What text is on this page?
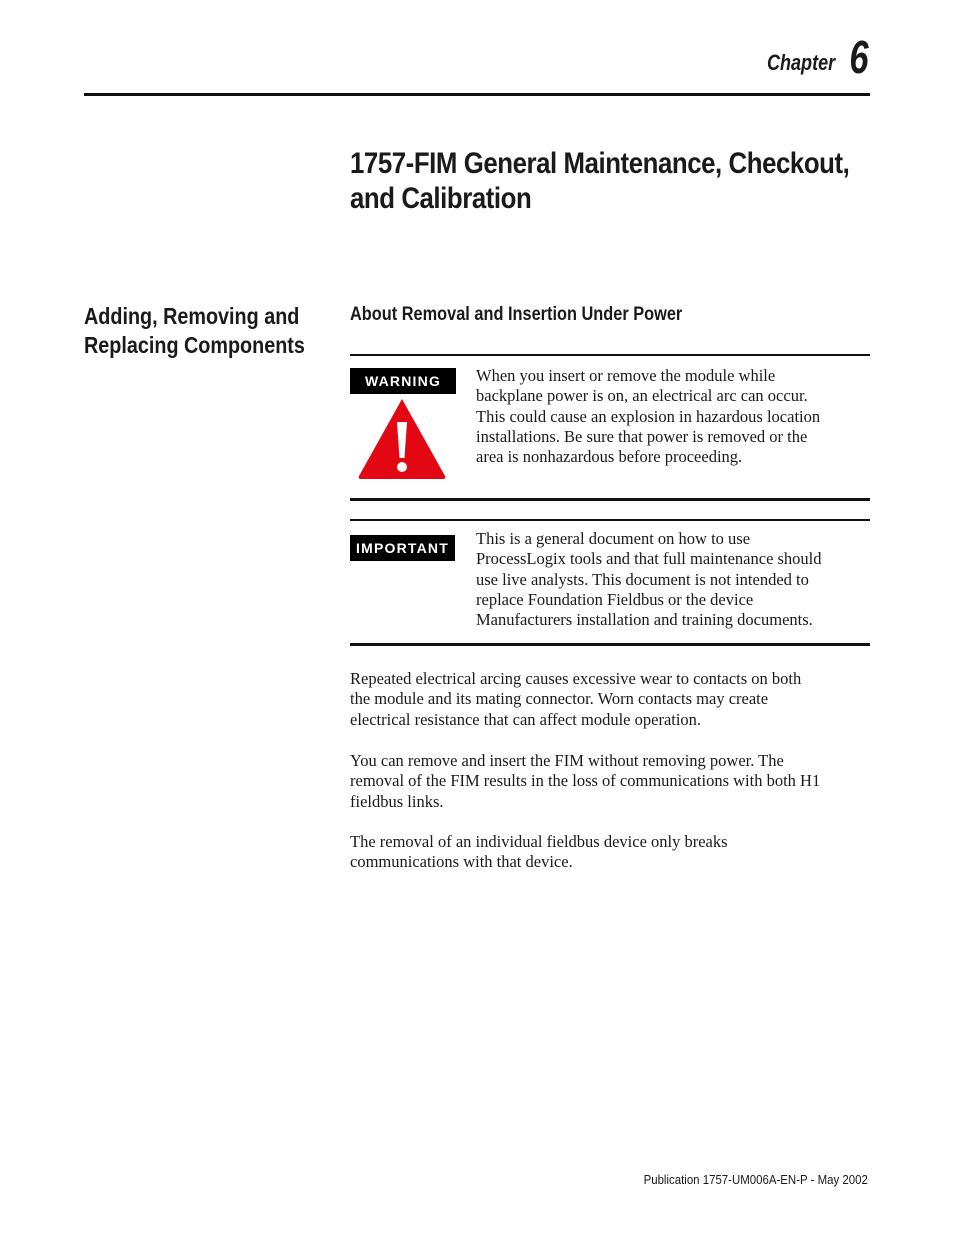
Chapter 6
1757-FIM General Maintenance, Checkout,
and Calibration
Adding, Removing and
Replacing Components
About Removal and Insertion Under Power
WARNING	When you insert or remove the module while
backplane power is on, an electrical arc can occur.
This could cause an explosion in hazardous location
installations. Be sure that power is removed or the
area is nonhazardous before proceeding.
IMPORTANT	This is a general document on how to use
ProcessLogix tools and that full maintenance should
use live analysts. This document is not intended to
replace Foundation Fieldbus or the device
Manufacturers installation and training documents.
Repeated electrical arcing causes excessive wear to contacts on both
the module and its mating connector. Worn contacts may create
electrical resistance that can affect module operation.
You can remove and insert the FIM without removing power. The
removal of the FIM results in the loss of communications with both H1
fieldbus links.
The removal of an individual fieldbus device only breaks
communications with that device.
Publication 1757-UM006A-EN-P - May 2002
